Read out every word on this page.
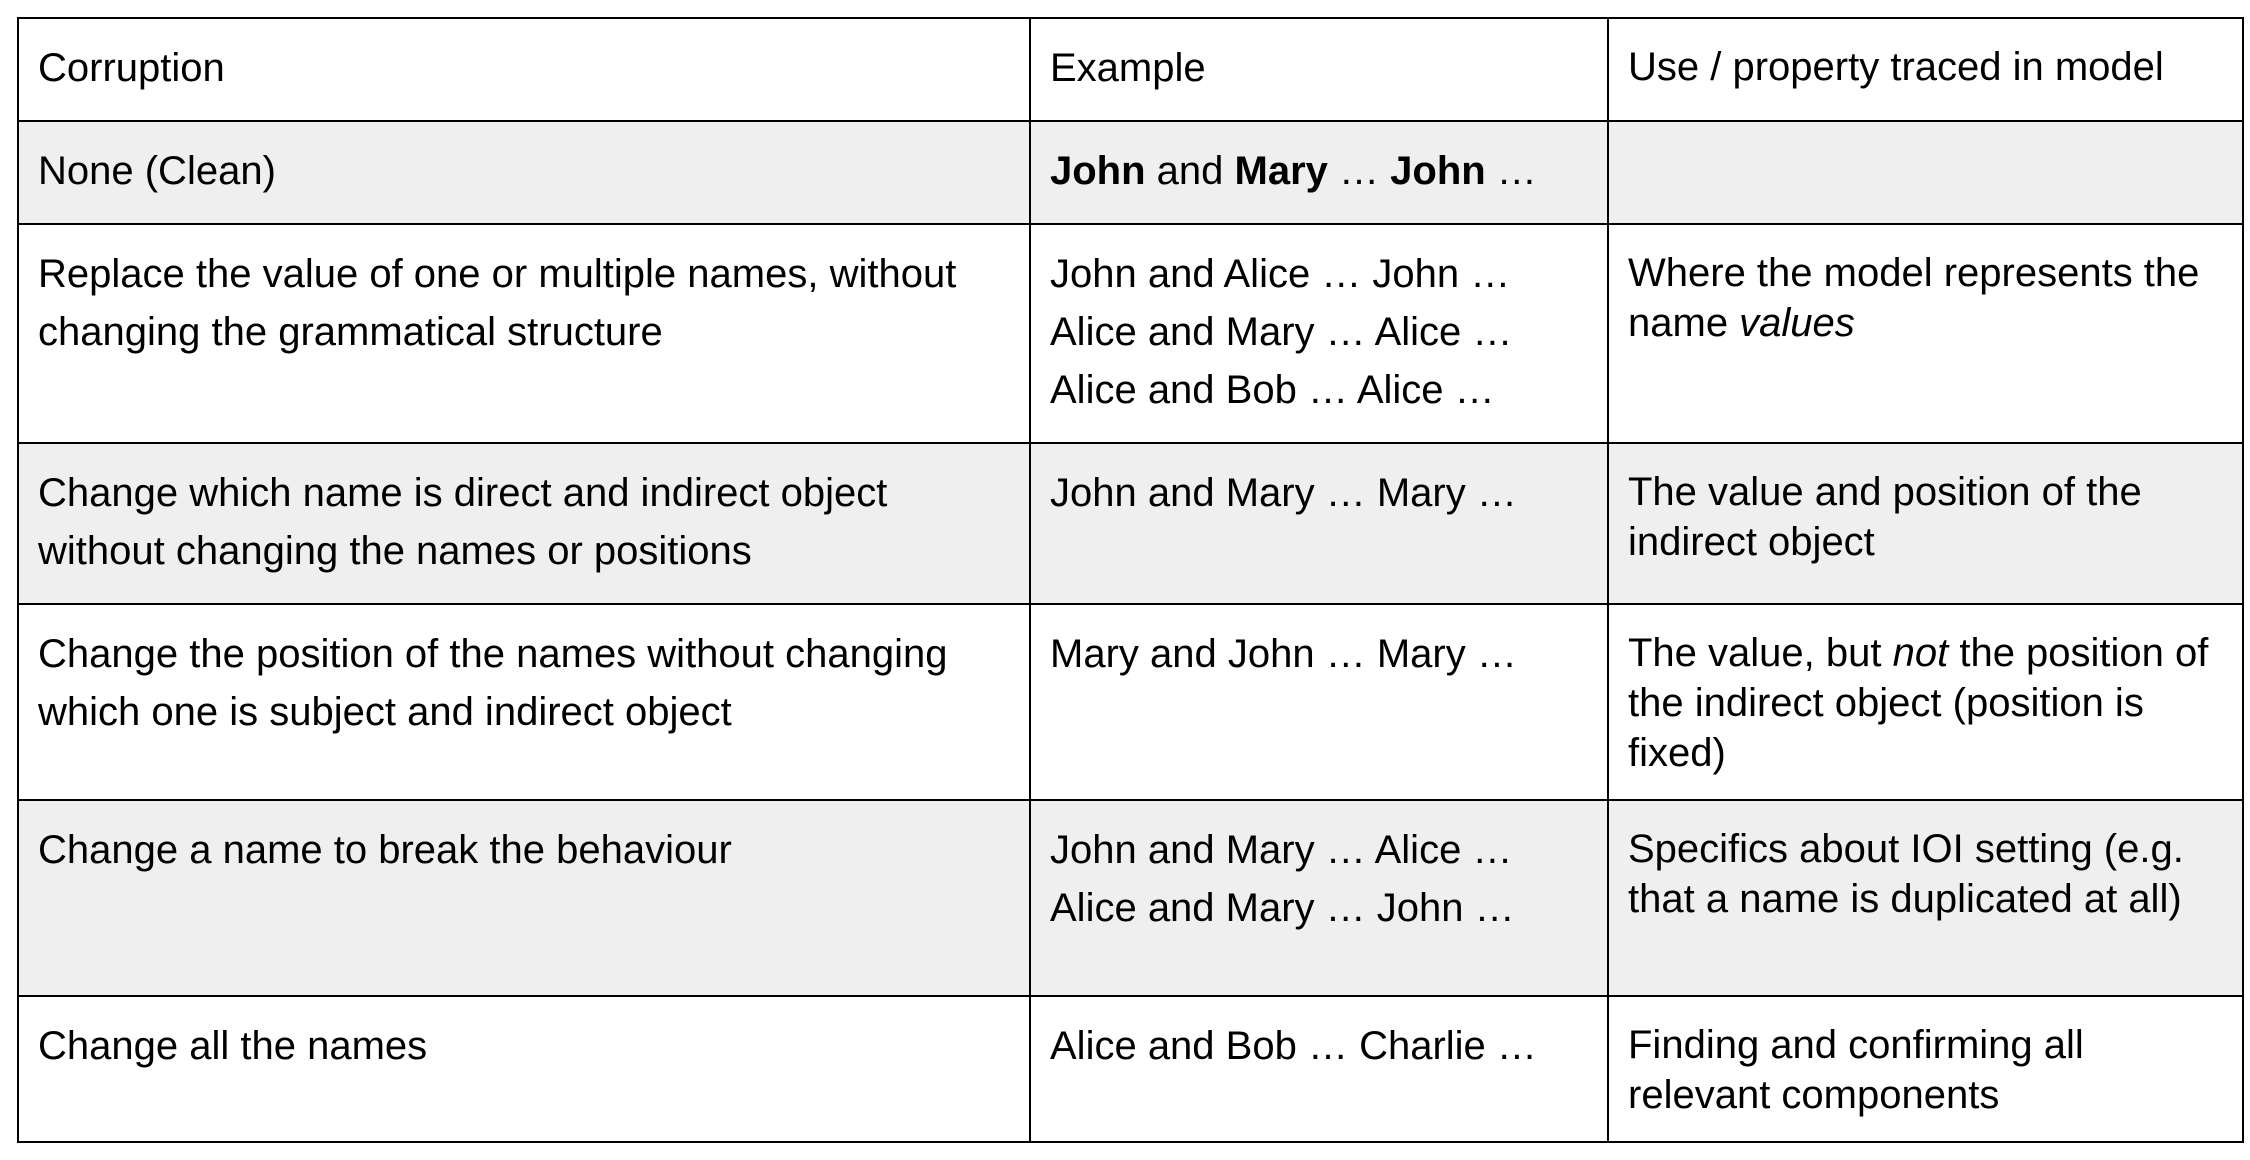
Corruption	Example	Use / property traced in model
None (Clean)	John and Mary … John …	

Replace the value of one or multiple names, without changing the grammatical structure	John and Alice … John …
Alice and Mary … Alice …
Alice and Bob … Alice …	Where the model represents the name values
Change which name is direct and indirect object without changing the names or positions	John and Mary … Mary …	The value and position of the indirect object
Change the position of the names without changing which one is subject and indirect object	Mary and John … Mary …	The value, but not the position of the indirect object (position is fixed)
Change a name to break the behaviour	John and Mary … Alice …
Alice and Mary … John …	Specifics about IOI setting (e.g. that a name is duplicated at all)
Change all the names	Alice and Bob … Charlie …	Finding and confirming all relevant components
